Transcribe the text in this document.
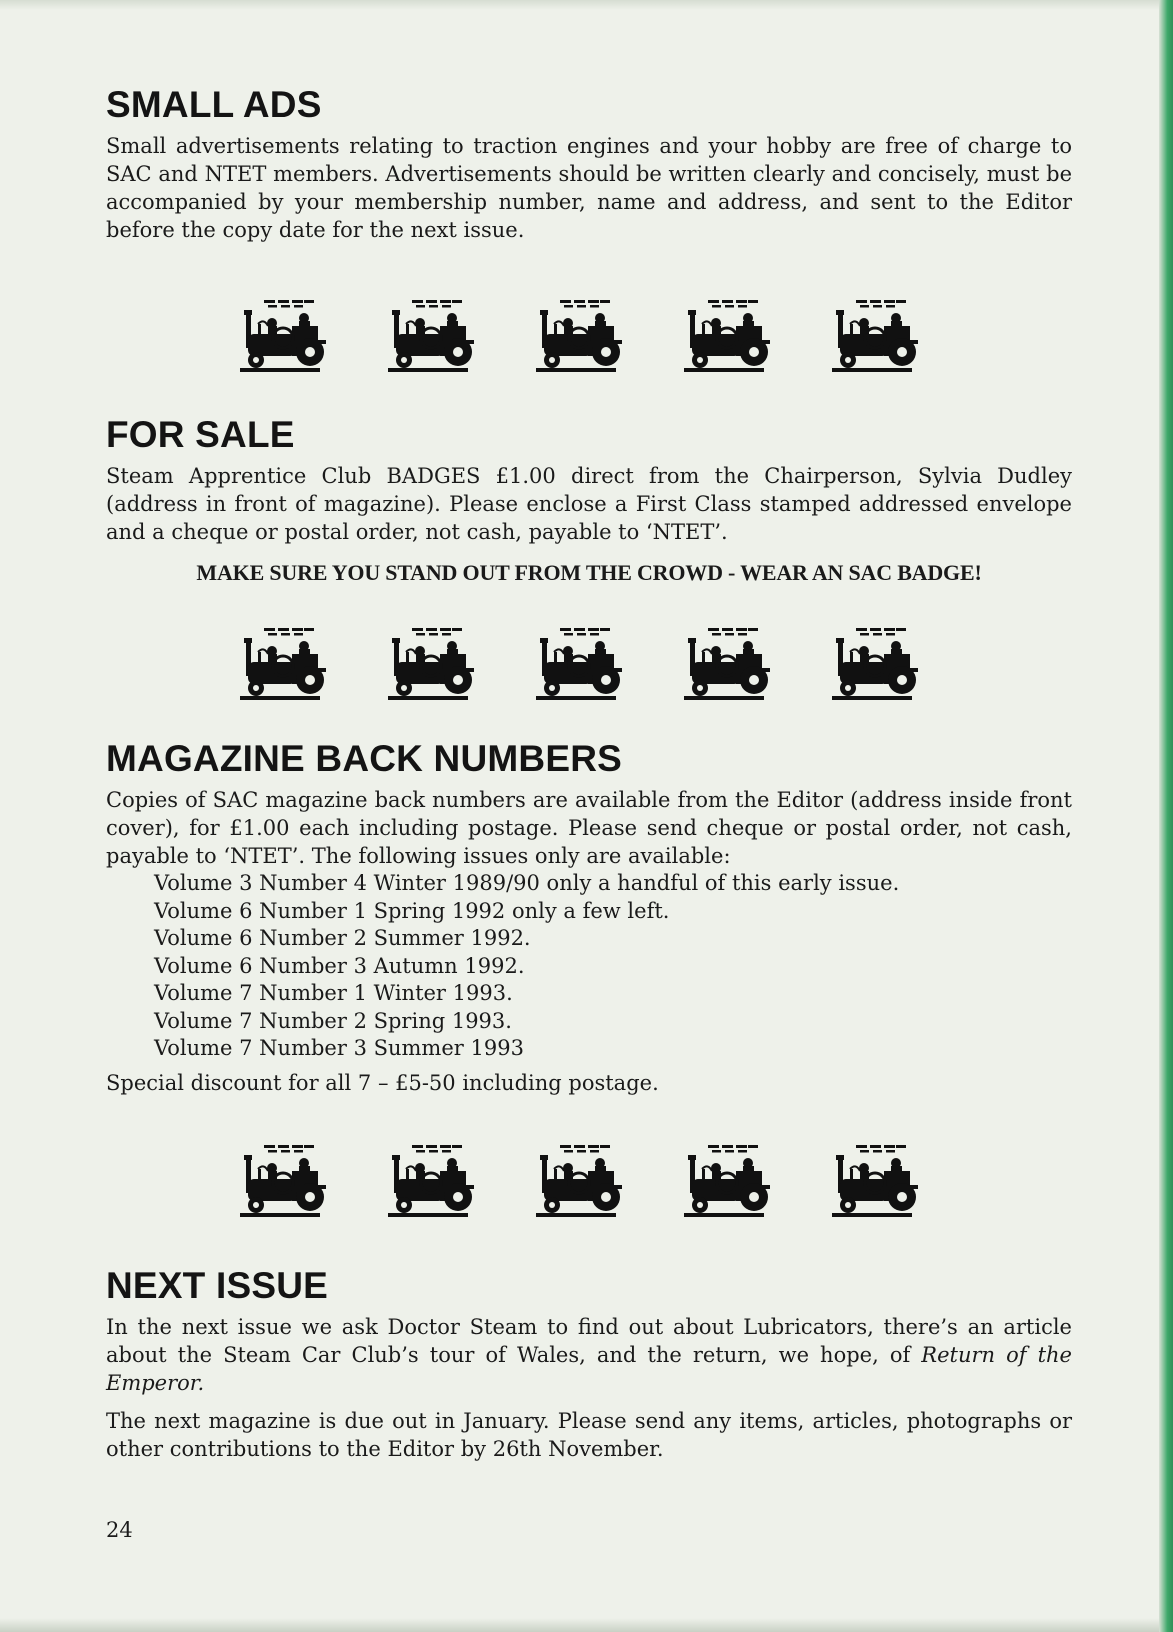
SMALL ADS

Small advertisements relating to traction engines and your hobby are free of charge to SAC and NTET members. Advertisements should be written clearly and concisely, must be accompanied by your membership number, name and address, and sent to the Editor before the copy date for the next issue.

FOR SALE

Steam Apprentice Club BADGES £1.00 direct from the Chairperson, Sylvia Dudley (address in front of magazine). Please enclose a First Class stamped addressed envelope and a cheque or postal order, not cash, payable to ‘NTET’.

MAKE SURE YOU STAND OUT FROM THE CROWD - WEAR AN SAC BADGE!
MAGAZINE BACK NUMBERS

Copies of SAC magazine back numbers are available from the Editor (address inside front cover), for £1.00 each including postage. Please send cheque or postal order, not cash, payable to ‘NTET’. The following issues only are available:

Volume 3 Number 4 Winter 1989/90 only a handful of this early issue.
Volume 6 Number 1 Spring 1992 only a few left.
Volume 6 Number 2 Summer 1992.
Volume 6 Number 3 Autumn 1992.
Volume 7 Number 1 Winter 1993.
Volume 7 Number 2 Spring 1993.
Volume 7 Number 3 Summer 1993

Special discount for all 7 – £5-50 including postage.

NEXT ISSUE

In the next issue we ask Doctor Steam to find out about Lubricators, there’s an article about the Steam Car Club’s tour of Wales, and the return, we hope, of Return of the Emperor.

The next magazine is due out in January. Please send any items, articles, photographs or other contributions to the Editor by 26th November.

24
